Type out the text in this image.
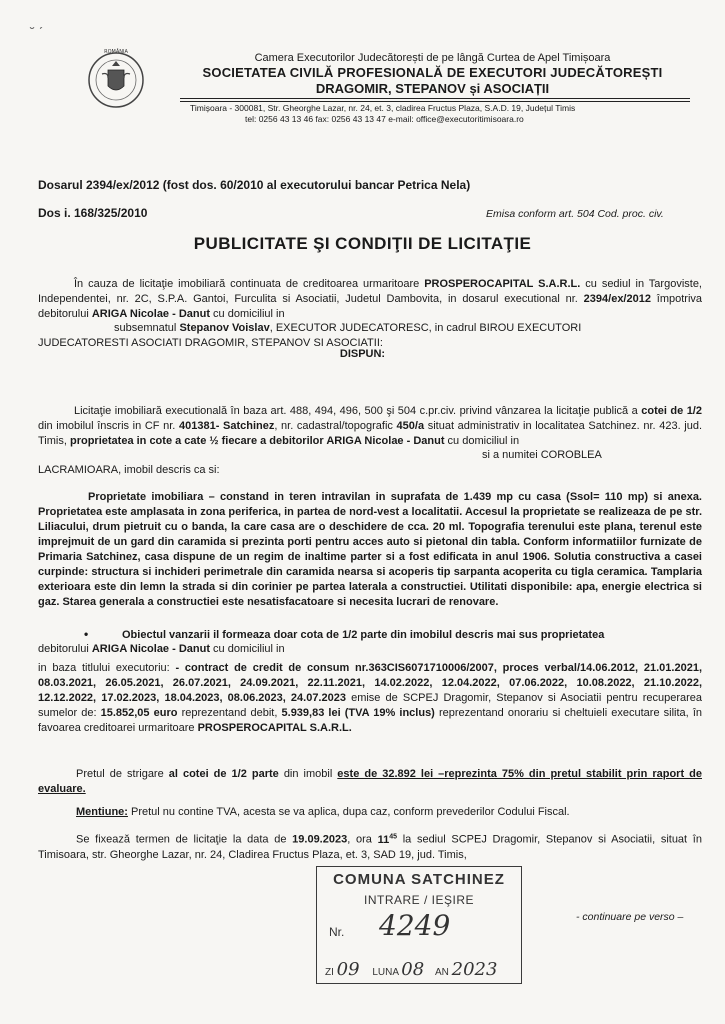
˘ ˊ
ROMÂNIA	Camera Executorilor Judecătorești de pe lângă Curtea de Apel Timișoara
SOCIETATEA CIVILĂ PROFESIONALĂ DE EXECUTORI JUDECĂTOREȘTI
DRAGOMIR, STEPANOV și ASOCIAȚII
Timișoara - 300081, Str. Gheorghe Lazar, nr. 24, et. 3, cladirea Fructus Plaza, S.A.D. 19, Județul Timis
tel: 0256 43 13 46 fax: 0256 43 13 47 e-mail: office@executoritimisoara.ro
Dosarul 2394/ex/2012 (fost dos. 60/2010 al executorului bancar Petrica Nela)
Dos i. 168/325/2010	Emisa conform art. 504 Cod. proc. civ.
PUBLICITATE ŞI CONDIŢII DE LICITAŢIE
În cauza de licitaţie imobiliară continuata de creditoarea urmaritoare PROSPEROCAPITAL S.A.R.L. cu sediul in Targoviste, Independentei, nr. 2C, S.P.A. Gantoi, Furculita si Asociatii, Judetul Dambovita, in dosarul executional nr. 2394/ex/2012 împotriva debitorului ARIGA Nicolae - Danut cu domiciliul in
subsemnatul Stepanov Voislav, EXECUTOR JUDECATORESC, in cadrul BIROU EXECUTORI
JUDECATORESTI ASOCIATI DRAGOMIR, STEPANOV SI ASOCIATII:
DISPUN:
Licitaţie imobiliară executională în baza art. 488, 494, 496, 500 şi 504 c.pr.civ. privind vânzarea la licitaţie publică a cotei de 1/2 din imobilul înscris in CF nr. 401381- Satchinez, nr. cadastral/topografic 450/a situat administrativ in localitatea Satchinez. nr. 423. jud. Timis, proprietatea in cote a cate ½ fiecare a debitorilor ARIGA Nicolae - Danut cu domiciliul in
si a numitei COROBLEA
LACRAMIOARA, imobil descris ca si:
Proprietate imobiliara – constand in teren intravilan in suprafata de 1.439 mp cu casa (Ssol= 110 mp) si anexa. Proprietatea este amplasata in zona periferica, in partea de nord-vest a localitatii. Accesul la proprietate se realizeaza de pe str. Liliacului, drum pietruit cu o banda, la care casa are o deschidere de cca. 20 ml. Topografia terenului este plana, terenul este imprejmuit de un gard din caramida si prezinta porti pentru acces auto si pietonal din tabla. Conform informatiilor furnizate de Primaria Satchinez, casa dispune de un regim de inaltime parter si a fost edificata in anul 1906. Solutia constructiva a casei curpinde: structura si inchideri perimetrale din caramida nearsa si acoperis tip sarpanta acoperita cu tigla ceramica. Tamplaria exterioara este din lemn la strada si din corinier pe partea laterala a constructiei. Utilitati disponibile: apa, energie electrica si gaz. Starea generala a constructiei este nesatisfacatoare si necesita lucrari de renovare.
•	Obiectul vanzarii il formeaza doar cota de 1/2 parte din imobilul descris mai sus proprietatea
debitorului ARIGA Nicolae - Danut cu domiciliul in
in baza titlului executoriu: - contract de credit de consum nr.363CIS6071710006/2007, proces verbal/14.06.2012, 21.01.2021, 08.03.2021, 26.05.2021, 26.07.2021, 24.09.2021, 22.11.2021, 14.02.2022, 12.04.2022, 07.06.2022, 10.08.2022, 21.10.2022, 12.12.2022, 17.02.2023, 18.04.2023, 08.06.2023, 24.07.2023 emise de SCPEJ Dragomir, Stepanov si Asociatii pentru recuperarea sumelor de: 15.852,05 euro reprezentand debit, 5.939,83 lei (TVA 19% inclus) reprezentand onorariu si cheltuieli executare silita, în favoarea creditoarei urmaritoare PROSPEROCAPITAL S.A.R.L.
Pretul de strigare al cotei de 1/2 parte din imobil este de 32.892 lei –reprezinta 75% din pretul stabilit prin raport de evaluare.
Mentiune: Pretul nu contine TVA, acesta se va aplica, dupa caz, conform prevederilor Codului Fiscal.
Se fixează termen de licitaţie la data de 19.09.2023, ora $11^{45}$ la sediul SCPEJ Dragomir, Stepanov si Asociatii, situat în Timisoara, str. Gheorghe Lazar, nr. 24, Cladirea Fructus Plaza, et. 3, SAD 19, jud. Timis,
COMUNA SATCHINEZ
INTRARE / IEŞIRE
Nr. 4249
ZI 09 LUNA 08 AN 2023
- continuare pe verso –
